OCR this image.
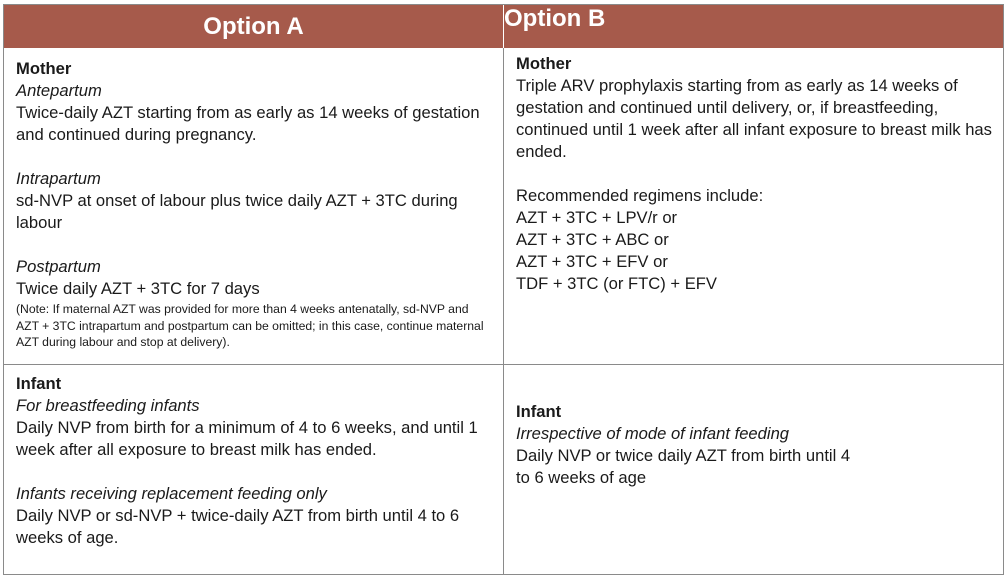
Option A	Option B
Mother
Antepartum
Twice-daily AZT starting from as early as 14 weeks of gestation and continued during pregnancy.
Intrapartum
sd-NVP at onset of labour plus twice daily AZT + 3TC during labour
Postpartum
Twice daily AZT + 3TC for 7 days
(Note: If maternal AZT was provided for more than 4 weeks antenatally, sd-NVP and AZT + 3TC intrapartum and postpartum can be omitted; in this case, continue maternal AZT during labour and stop at delivery).
Mother
Triple ARV prophylaxis starting from as early as 14 weeks of gestation and continued until delivery, or, if breastfeeding, continued until 1 week after all infant exposure to breast milk has ended.
Recommended regimens include:
AZT + 3TC + LPV/r or
AZT + 3TC + ABC or
AZT + 3TC + EFV or
TDF + 3TC (or FTC) + EFV
Infant
For breastfeeding infants
Daily NVP from birth for a minimum of 4 to 6 weeks, and until 1 week after all exposure to breast milk has ended.
Infants receiving replacement feeding only
Daily NVP or sd-NVP + twice-daily AZT from birth until 4 to 6 weeks of age.
Infant
Irrespective of mode of infant feeding
Daily NVP or twice daily AZT from birth until 4 to 6 weeks of age
